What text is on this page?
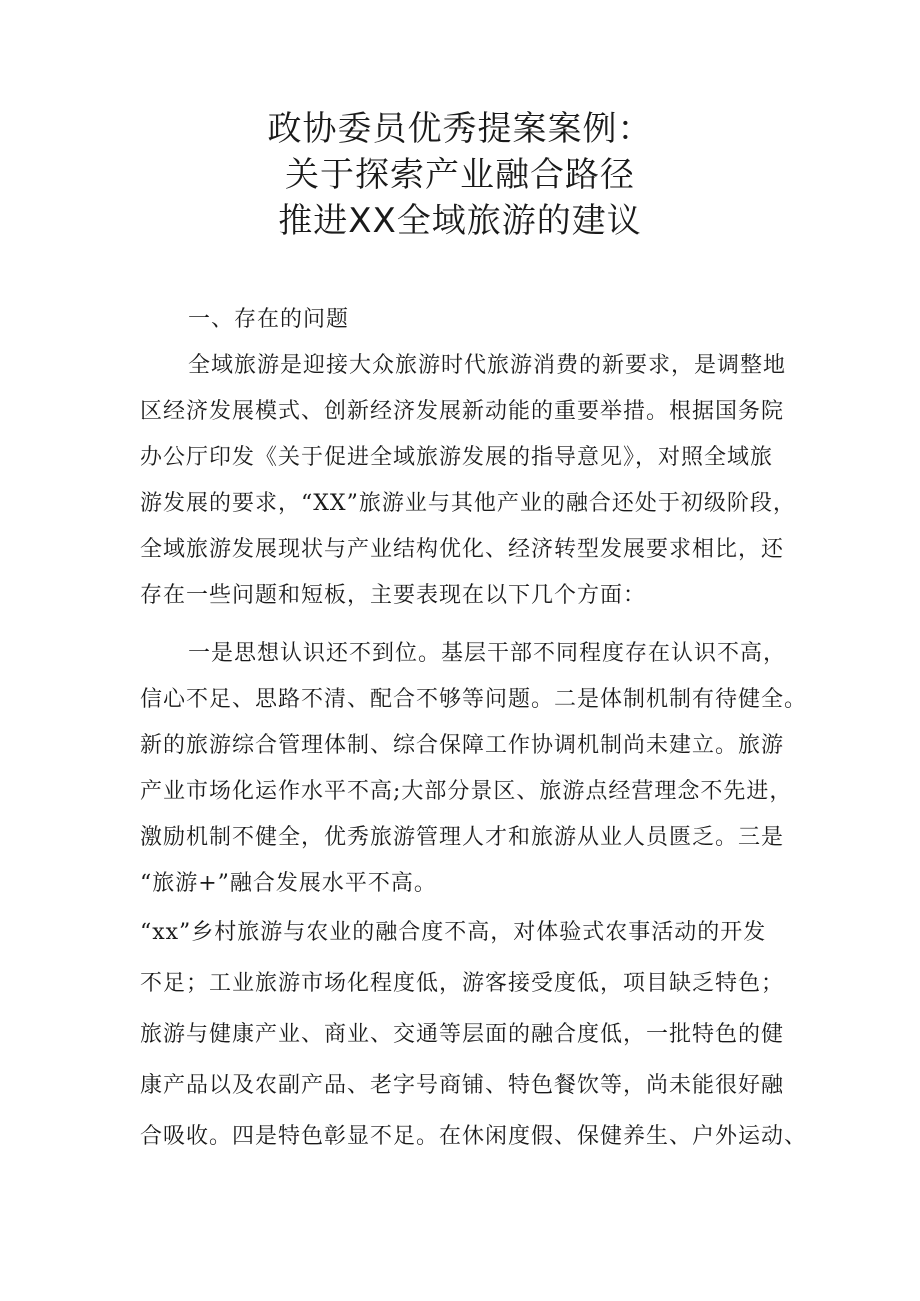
政协委员优秀提案案例：
关于探索产业融合路径
推进XX全域旅游的建议
一、存在的问题
全域旅游是迎接大众旅游时代旅游消费的新要求，是调整地
区经济发展模式、创新经济发展新动能的重要举措。根据国务院
办公厅印发《关于促进全域旅游发展的指导意见》，对照全域旅
游发展的要求，“XX”旅游业与其他产业的融合还处于初级阶段，
全域旅游发展现状与产业结构优化、经济转型发展要求相比，还
存在一些问题和短板，主要表现在以下几个方面：
一是思想认识还不到位。基层干部不同程度存在认识不高，
信心不足、思路不清、配合不够等问题。二是体制机制有待健全。
新的旅游综合管理体制、综合保障工作协调机制尚未建立。旅游
产业市场化运作水平不高;大部分景区、旅游点经营理念不先进，
激励机制不健全，优秀旅游管理人才和旅游从业人员匮乏。三是
“旅游+”融合发展水平不高。
“xx”乡村旅游与农业的融合度不高，对体验式农事活动的开发
不足；工业旅游市场化程度低，游客接受度低，项目缺乏特色；
旅游与健康产业、商业、交通等层面的融合度低，一批特色的健
康产品以及农副产品、老字号商铺、特色餐饮等，尚未能很好融
合吸收。四是特色彰显不足。在休闲度假、保健养生、户外运动、
